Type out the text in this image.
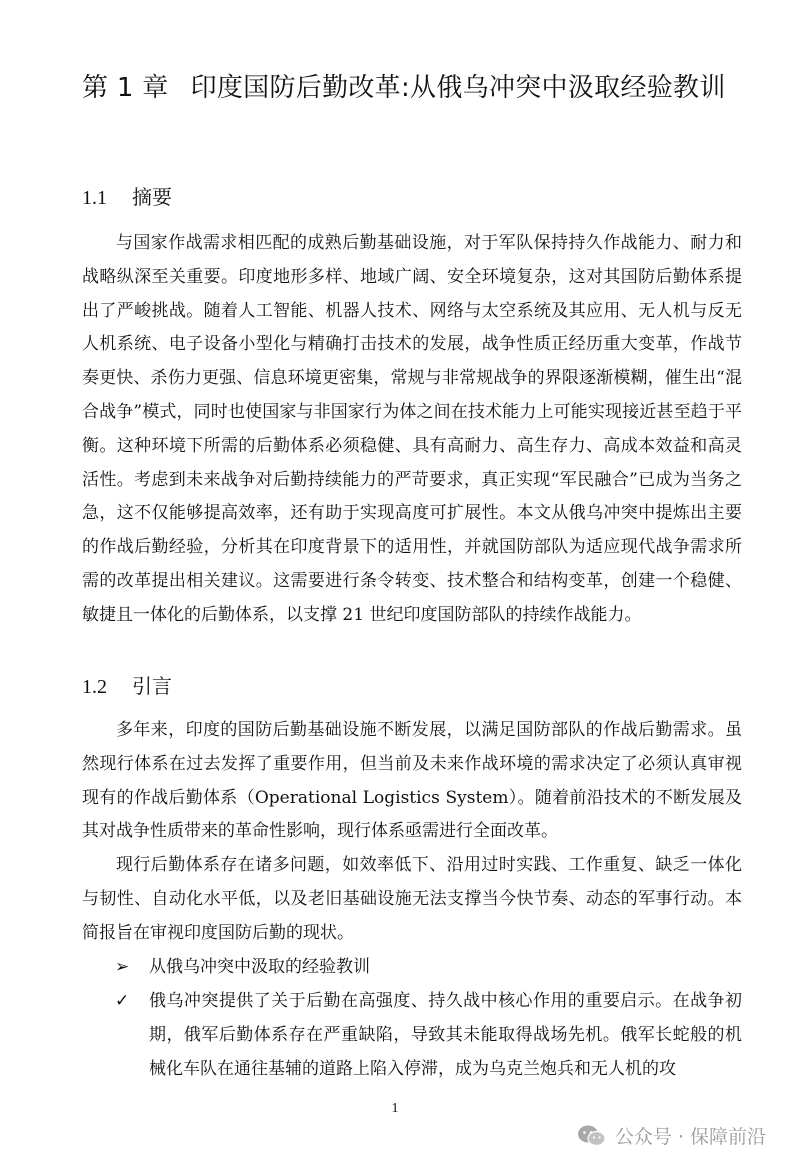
第 1 章 印度国防后勤改革:从俄乌冲突中汲取经验教训
1.1 摘要
与国家作战需求相匹配的成熟后勤基础设施，对于军队保持持久作战能力、耐力和战略纵深至关重要。印度地形多样、地域广阔、安全环境复杂，这对其国防后勤体系提出了严峻挑战。随着人工智能、机器人技术、网络与太空系统及其应用、无人机与反无人机系统、电子设备小型化与精确打击技术的发展，战争性质正经历重大变革，作战节奏更快、杀伤力更强、信息环境更密集，常规与非常规战争的界限逐渐模糊，催生出“混合战争”模式，同时也使国家与非国家行为体之间在技术能力上可能实现接近甚至趋于平衡。这种环境下所需的后勤体系必须稳健、具有高耐力、高生存力、高成本效益和高灵活性。考虑到未来战争对后勤持续能力的严苛要求，真正实现“军民融合”已成为当务之急，这不仅能够提高效率，还有助于实现高度可扩展性。本文从俄乌冲突中提炼出主要的作战后勤经验，分析其在印度背景下的适用性，并就国防部队为适应现代战争需求所需的改革提出相关建议。这需要进行条令转变、技术整合和结构变革，创建一个稳健、敏捷且一体化的后勤体系，以支撑 21 世纪印度国防部队的持续作战能力。
1.2 引言
多年来，印度的国防后勤基础设施不断发展，以满足国防部队的作战后勤需求。虽然现行体系在过去发挥了重要作用，但当前及未来作战环境的需求决定了必须认真审视现有的作战后勤体系（Operational Logistics System）。随着前沿技术的不断发展及其对战争性质带来的革命性影响，现行体系亟需进行全面改革。
现行后勤体系存在诸多问题，如效率低下、沿用过时实践、工作重复、缺乏一体化与韧性、自动化水平低，以及老旧基础设施无法支撑当今快节奏、动态的军事行动。本简报旨在审视印度国防后勤的现状。
➢	从俄乌冲突中汲取的经验教训
✓	俄乌冲突提供了关于后勤在高强度、持久战中核心作用的重要启示。在战争初期，俄军后勤体系存在严重缺陷，导致其未能取得战场先机。俄军长蛇般的机械化车队在通往基辅的道路上陷入停滞，成为乌克兰炮兵和无人机的攻
1
公众号 · 保障前沿
